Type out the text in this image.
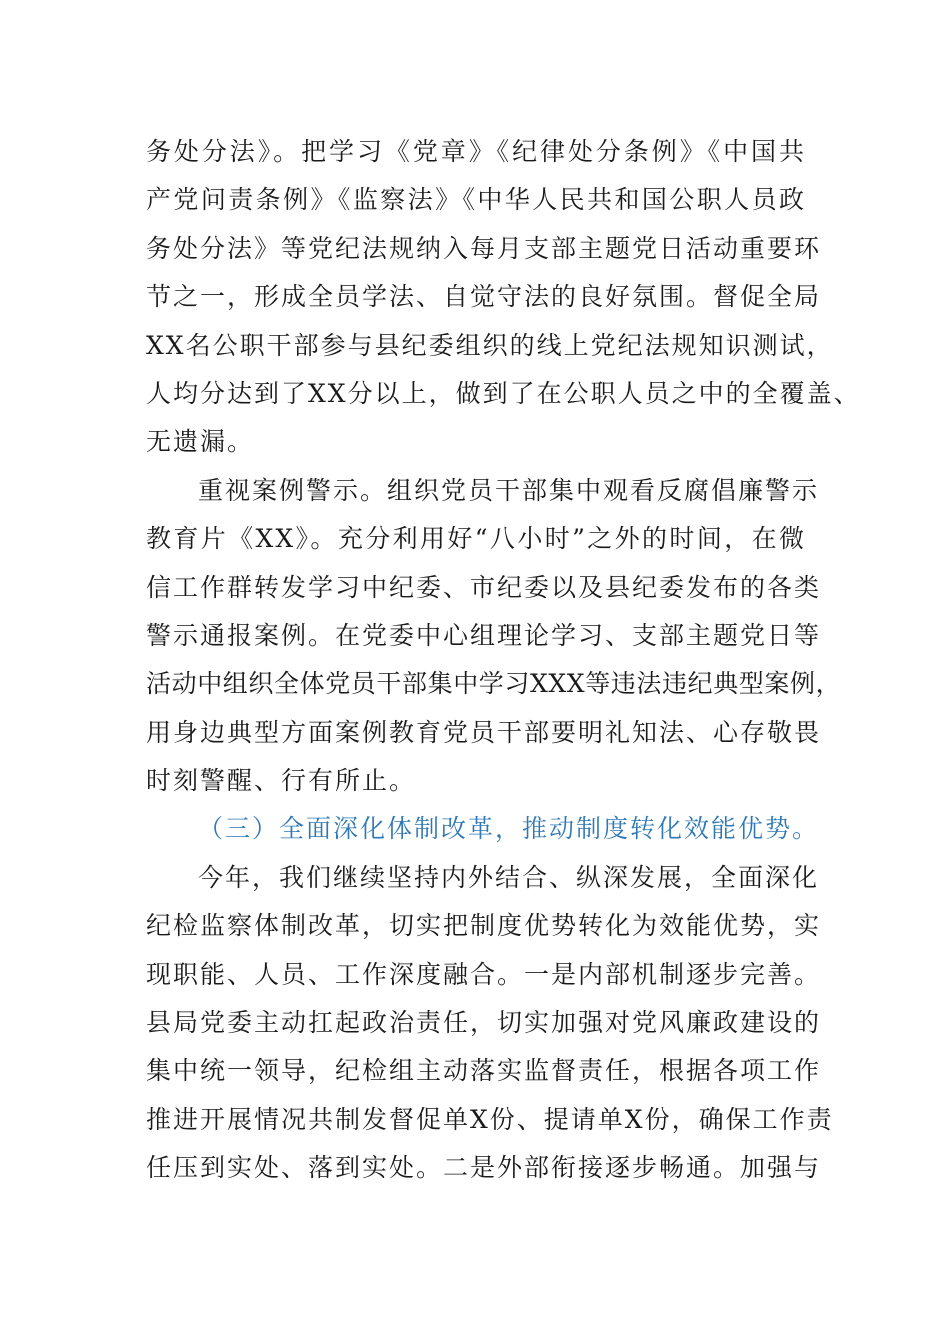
务处分法》。把学习《党章》《纪律处分条例》《中国共
产党问责条例》《监察法》《中华人民共和国公职人员政
务处分法》等党纪法规纳入每月支部主题党日活动重要环
节之一，形成全员学法、自觉守法的良好氛围。督促全局
XX名公职干部参与县纪委组织的线上党纪法规知识测试，
人均分达到了XX分以上，做到了在公职人员之中的全覆盖、
无遗漏。
重视案例警示。组织党员干部集中观看反腐倡廉警示
教育片《XX》。充分利用好“八小时”之外的时间，在微
信工作群转发学习中纪委、市纪委以及县纪委发布的各类
警示通报案例。在党委中心组理论学习、支部主题党日等
活动中组织全体党员干部集中学习XXX等违法违纪典型案例，
用身边典型方面案例教育党员干部要明礼知法、心存敬畏
时刻警醒、行有所止。
（三）全面深化体制改革，推动制度转化效能优势。
今年，我们继续坚持内外结合、纵深发展，全面深化
纪检监察体制改革，切实把制度优势转化为效能优势，实
现职能、人员、工作深度融合。一是内部机制逐步完善。
县局党委主动扛起政治责任，切实加强对党风廉政建设的
集中统一领导，纪检组主动落实监督责任，根据各项工作
推进开展情况共制发督促单X份、提请单X份，确保工作责
任压到实处、落到实处。二是外部衔接逐步畅通。加强与
